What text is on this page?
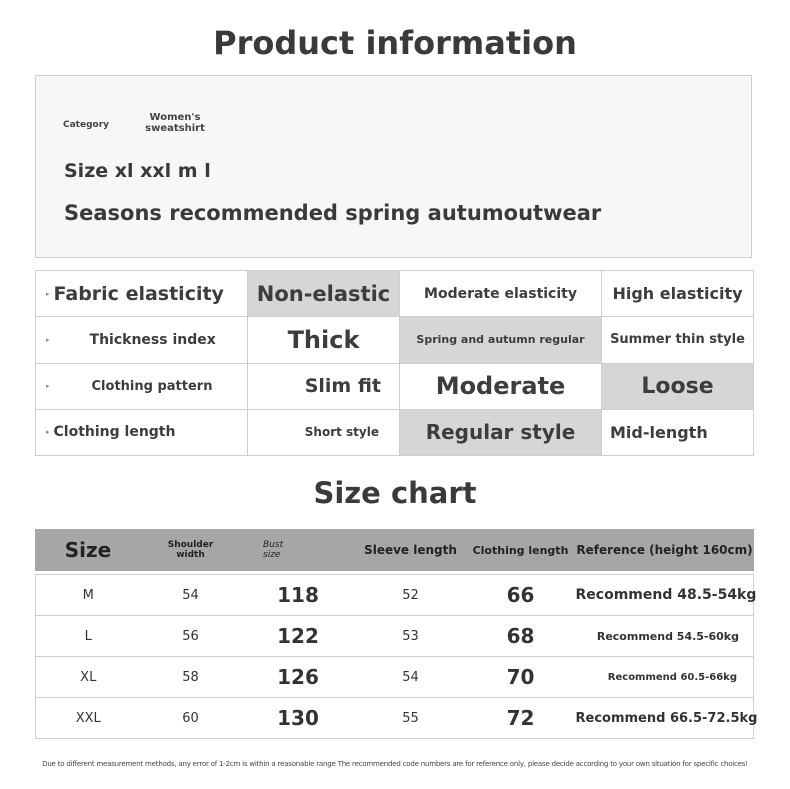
Product information
Category
Women's sweatshirt
Size xl xxl m l
Seasons recommended spring autumoutwear
▸ Fabric elasticity	Non-elastic	Moderate elasticity	High elasticity
▸ Thickness index	Thick	Spring and autumn regular	Summer thin style
▸ Clothing pattern	Slim fit	Moderate	Loose
▸ Clothing length	Short style	Regular style	Mid-length
Size chart
Size	Shoulder width	Bust size	Sleeve length	Clothing length	Reference (height 160cm)

M	54	118	52	66	Recommend 48.5-54kg
L	56	122	53	68	Recommend 54.5-60kg
XL	58	126	54	70	Recommend 60.5-66kg
XXL	60	130	55	72	Recommend 66.5-72.5kg
Due to different measurement methods, any error of 1-2cm is within a reasonable range The recommended code numbers are for reference only, please decide according to your own situation for specific choices!
